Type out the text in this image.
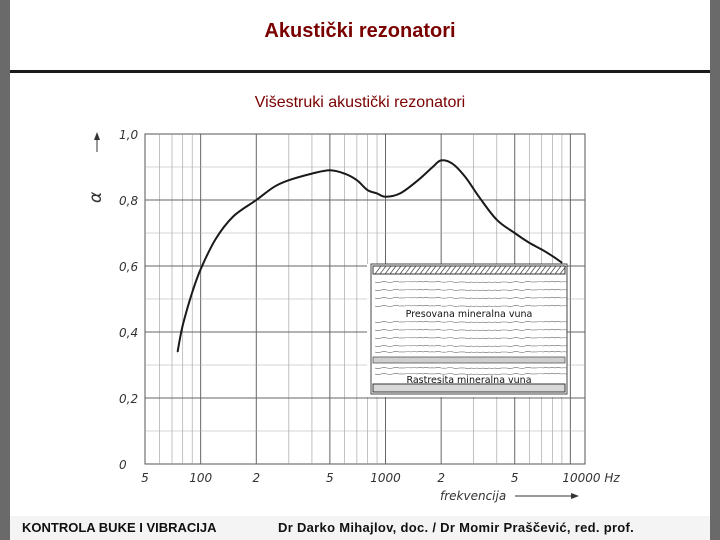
Akustički rezonatori
Višestruki akustički rezonatori
0
0,2
0,4
0,6
0,8
1,0
5	100	2	5	1000	2	5	10000 Hz
α
frekvencija
Presovana mineralna vuna
Rastresita mineralna vuna
KONTROLA BUKE I VIBRACIJA	Dr Darko Mihajlov, doc. / Dr Momir Praščević, red. prof.
